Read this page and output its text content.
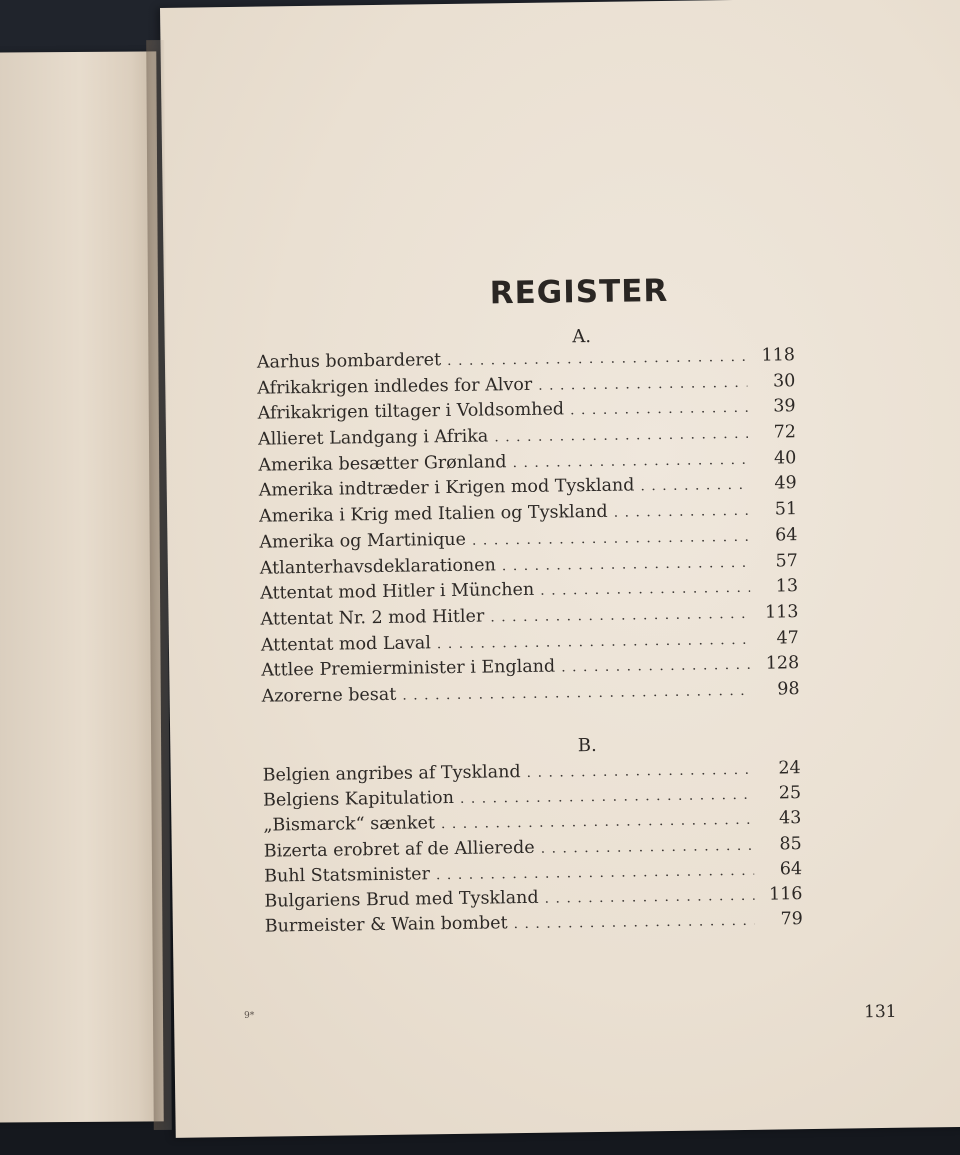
REGISTER
A.
Aarhus bombarderet . . .	118
Afrikakrigen indledes for Alvor . . .	30
Afrikakrigen tiltager i Voldsomhed . . .	39
Allieret Landgang i Afrika . . .	72
Amerika besætter Grønland . . .	40
Amerika indtræder i Krigen mod Tyskland . . .	49
Amerika i Krig med Italien og Tyskland . . .	51
Amerika og Martinique . . .	64
Atlanterhavsdeklarationen . . .	57
Attentat mod Hitler i München . . .	13
Attentat Nr. 2 mod Hitler . . .	113
Attentat mod Laval . . .	47
Attlee Premierminister i England . . .	128
Azorerne besat . . .	98
B.
Belgien angribes af Tyskland . . .	24
Belgiens Kapitulation . . .	25
„Bismarck“ sænket . . .	43
Bizerta erobret af de Allierede . . .	85
Buhl Statsminister . . .	64
Bulgariens Brud med Tyskland . . .	116
Burmeister & Wain bombet . . .	79
9*	131
